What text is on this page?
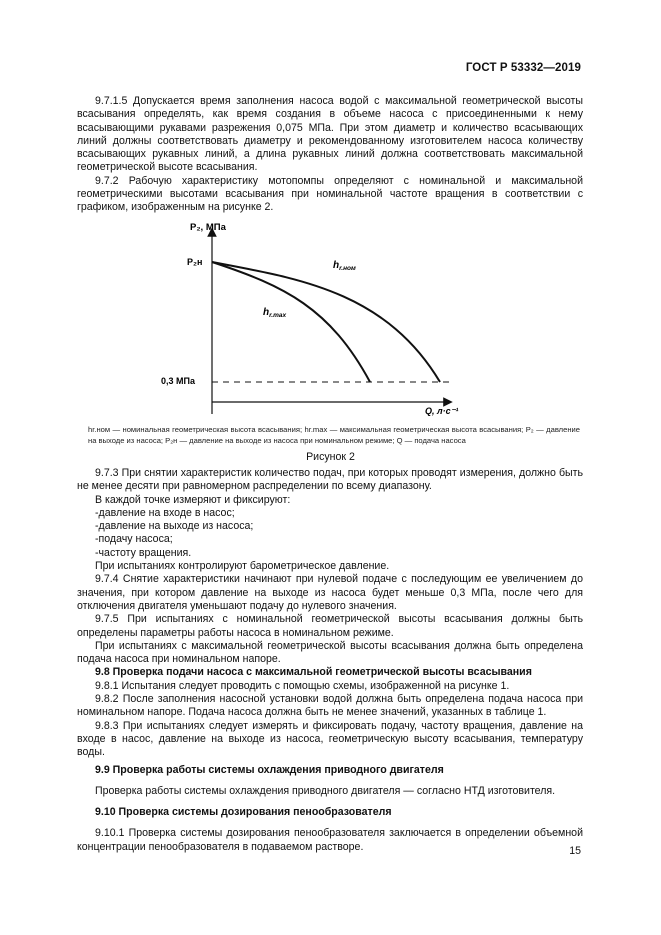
ГОСТ Р 53332—2019

9.7.1.5 Допускается время заполнения насоса водой с максимальной геометрической высоты всасывания определять, как время создания в объеме насоса с присоединенными к нему всасывающими рукавами разрежения 0,075 МПа. При этом диаметр и количество всасывающих линий должны соответствовать диаметру и рекомендованному изготовителем насоса количеству всасывающих рукавных линий, а длина рукавных линий должна соответствовать максимальной геометрической высоте всасывания.

9.7.2 Рабочую характеристику мотопомпы определяют с номинальной и максимальной геометрическими высотами всасывания при номинальной частоте вращения в соответствии с графиком, изображенным на рисунке 2.

P₂, МПа
Q, л·с⁻¹
P₂н
0,3 МПа
$h_{r.ном}$
$h_{r.max}$
hr.ном — номинальная геометрическая высота всасывания; hr.max — максимальная геометрическая высота всасывания; P₂ — давление на выходе из насоса; P₂н — давление на выходе из насоса при номинальном режиме; Q — подача насоса
Рисунок 2

9.7.3 При снятии характеристик количество подач, при которых проводят измерения, должно быть не менее десяти при равномерном распределении по всему диапазону.

В каждой точке измеряют и фиксируют:

-давление на входе в насос;

-давление на выходе из насоса;

-подачу насоса;

-частоту вращения.

При испытаниях контролируют барометрическое давление.

9.7.4 Снятие характеристики начинают при нулевой подаче с последующим ее увеличением до значения, при котором давление на выходе из насоса будет меньше 0,3 МПа, после чего для отключения двигателя уменьшают подачу до нулевого значения.

9.7.5 При испытаниях с номинальной геометрической высоты всасывания должны быть определены параметры работы насоса в номинальном режиме.

При испытаниях с максимальной геометрической высоты всасывания должна быть определена подача насоса при номинальном напоре.

9.8 Проверка подачи насоса с максимальной геометрической высоты всасывания

9.8.1 Испытания следует проводить с помощью схемы, изображенной на рисунке 1.

9.8.2 После заполнения насосной установки водой должна быть определена подача насоса при номинальном напоре. Подача насоса должна быть не менее значений, указанных в таблице 1.

9.8.3 При испытаниях следует измерять и фиксировать подачу, частоту вращения, давление на входе в насос, давление на выходе из насоса, геометрическую высоту всасывания, температуру воды.

9.9 Проверка работы системы охлаждения приводного двигателя

Проверка работы системы охлаждения приводного двигателя — согласно НТД изготовителя.

9.10 Проверка системы дозирования пенообразователя

9.10.1 Проверка системы дозирования пенообразователя заключается в определении объемной концентрации пенообразователя в подаваемом растворе.	15
